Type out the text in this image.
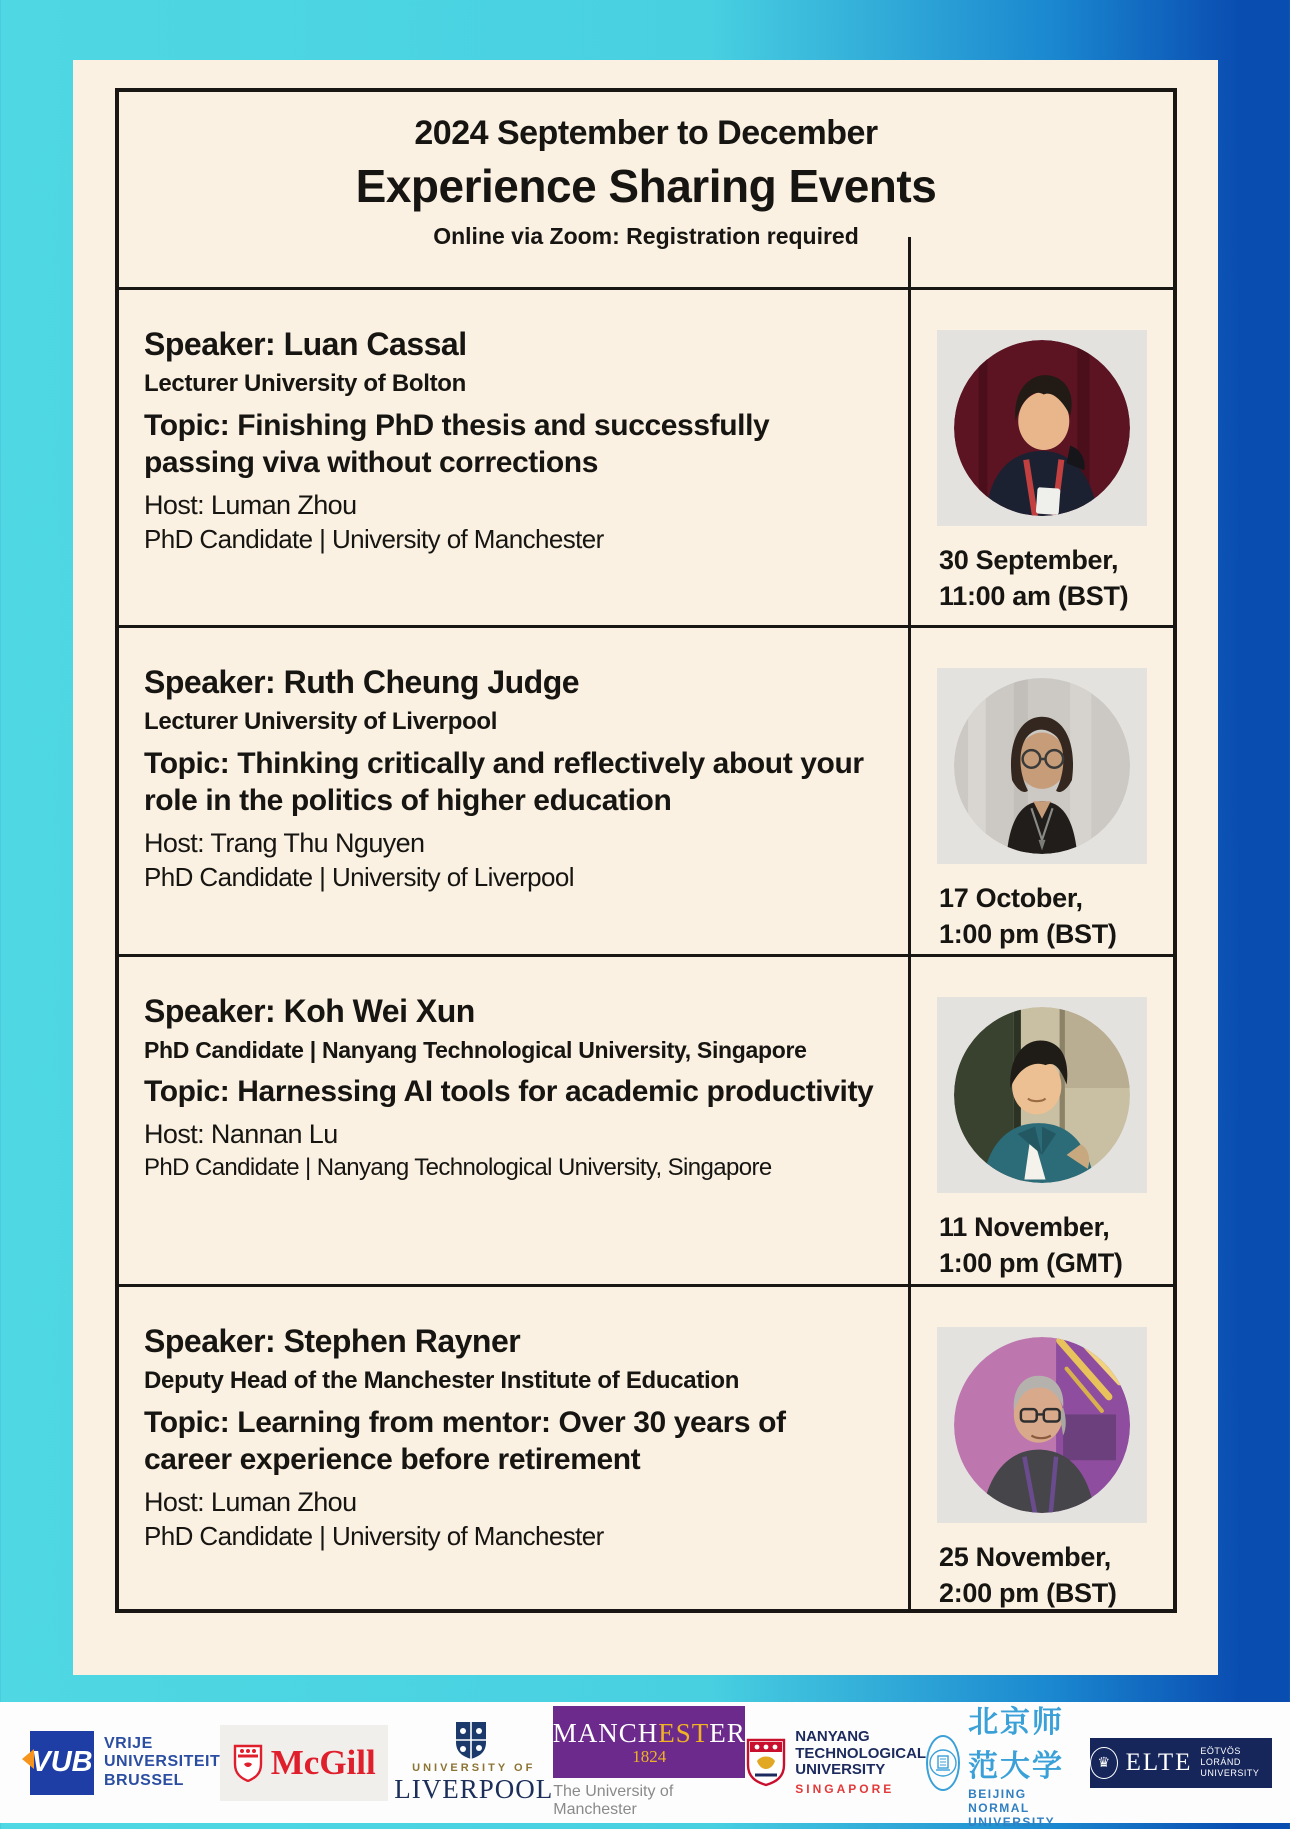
2024 September to December
Experience Sharing Events
Online via Zoom: Registration required
Speaker: Luan Cassal
Lecturer University of Bolton
Topic: Finishing PhD thesis and successfully passing viva without corrections
Host: Luman Zhou
PhD Candidate | University of Manchester
30 September,
11:00 am (BST)
Speaker: Ruth Cheung Judge
Lecturer University of Liverpool
Topic: Thinking critically and reflectively about your role in the politics of higher education
Host: Trang Thu Nguyen
PhD Candidate | University of Liverpool
17 October,
1:00 pm (BST)
Speaker: Koh Wei Xun
PhD Candidate | Nanyang Technological University, Singapore
Topic: Harnessing AI tools for academic productivity
Host: Nannan Lu
PhD Candidate | Nanyang Technological University, Singapore
11 November,
1:00 pm (GMT)
Speaker: Stephen Rayner
Deputy Head of the Manchester Institute of Education
Topic: Learning from mentor: Over 30 years of career experience before retirement
Host: Luman Zhou
PhD Candidate | University of Manchester
25 November,
2:00 pm (BST)
VUB
VRIJE
UNIVERSITEIT
BRUSSEL	McGill	UNIVERSITY OF
LIVERPOOL
MANCHESTER
1824
The University of Manchester
NANYANG
TECHNOLOGICAL
UNIVERSITY
SINGAPORE
北京师范大学
BEIJING NORMAL UNIVERSITY
♛ ELTE EÖTVÖS LORÁND
UNIVERSITY
